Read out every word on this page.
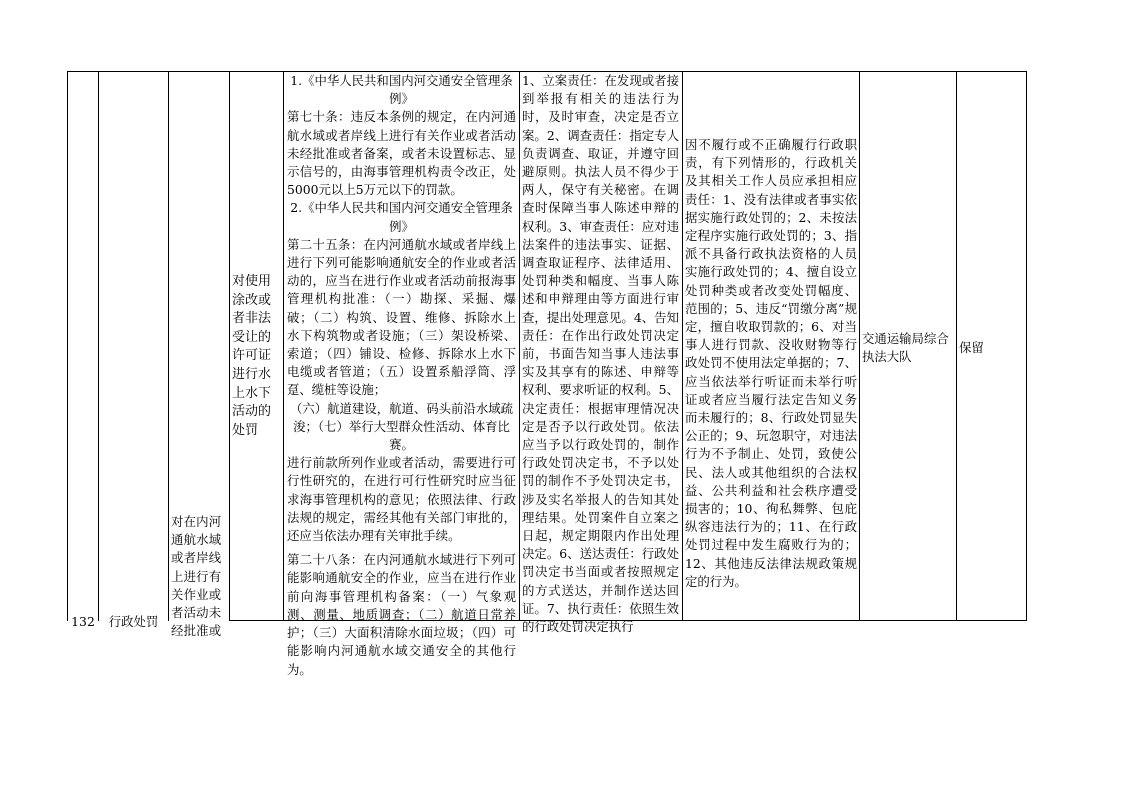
132	行政处罚

对在内河通航水域或者岸线上进行有关作业或者活动未经批准或

对使用涂改或者非法受让的许可证进行水上水下活动的处罚

1.《中华人民共和国内河交通安全管理条例》

第七十条：违反本条例的规定，在内河通航水域或者岸线上进行有关作业或者活动未经批准或者备案，或者未设置标志、显示信号的，由海事管理机构责令改正，处5000元以上5万元以下的罚款。

2.《中华人民共和国内河交通安全管理条例》

第二十五条：在内河通航水域或者岸线上进行下列可能影响通航安全的作业或者活动的，应当在进行作业或者活动前报海事管理机构批准：（一）勘探、采掘、爆破；（二）构筑、设置、维修、拆除水上水下构筑物或者设施；（三）架设桥梁、索道；（四）铺设、检修、拆除水上水下电缆或者管道；（五）设置系船浮筒、浮趸、缆桩等设施；

（六）航道建设，航道、码头前沿水域疏浚；（七）举行大型群众性活动、体育比赛。

进行前款所列作业或者活动，需要进行可行性研究的，在进行可行性研究时应当征求海事管理机构的意见；依照法律、行政法规的规定，需经其他有关部门审批的，还应当依法办理有关审批手续。

第二十八条：在内河通航水域进行下列可能影响通航安全的作业，应当在进行作业前向海事管理机构备案：（一）气象观测、测量、地质调查；（二）航道日常养护；（三）大面积清除水面垃圾；（四）可能影响内河通航水域交通安全的其他行为。

1、立案责任：在发现或者接到举报有相关的违法行为时，及时审查，决定是否立案。2、调查责任：指定专人负责调查、取证，并遵守回避原则。执法人员不得少于两人，保守有关秘密。在调查时保障当事人陈述申辩的权利。3、审查责任：应对违法案件的违法事实、证据、调查取证程序、法律适用、处罚种类和幅度、当事人陈述和申辩理由等方面进行审查，提出处理意见。4、告知责任：在作出行政处罚决定前，书面告知当事人违法事实及其享有的陈述、申辩等权利、要求听证的权利。5、决定责任：根据审理情况决定是否予以行政处罚。依法应当予以行政处罚的，制作行政处罚决定书，不予以处罚的制作不予处罚决定书，涉及实名举报人的告知其处理结果。处罚案件自立案之日起，规定期限内作出处理决定。6、送达责任：行政处罚决定书当面或者按照规定的方式送达，并制作送达回证。7、执行责任：依照生效的行政处罚决定执行

因不履行或不正确履行行政职责，有下列情形的，行政机关及其相关工作人员应承担相应责任：1、没有法律或者事实依据实施行政处罚的；2、未按法定程序实施行政处罚的；3、指派不具备行政执法资格的人员实施行政处罚的；4、擅自设立处罚种类或者改变处罚幅度、范围的；5、违反“罚缴分离”规定，擅自收取罚款的；6、对当事人进行罚款、没收财物等行政处罚不使用法定单据的；7、应当依法举行听证而未举行听证或者应当履行法定告知义务而未履行的；8、行政处罚显失公正的；9、玩忽职守，对违法行为不予制止、处罚，致使公民、法人或其他组织的合法权益、公共利益和社会秩序遭受损害的；10、徇私舞弊、包庇纵容违法行为的；11、在行政处罚过程中发生腐败行为的；12、其他违反法律法规政策规定的行为。

交通运输局综合执法大队

保留
